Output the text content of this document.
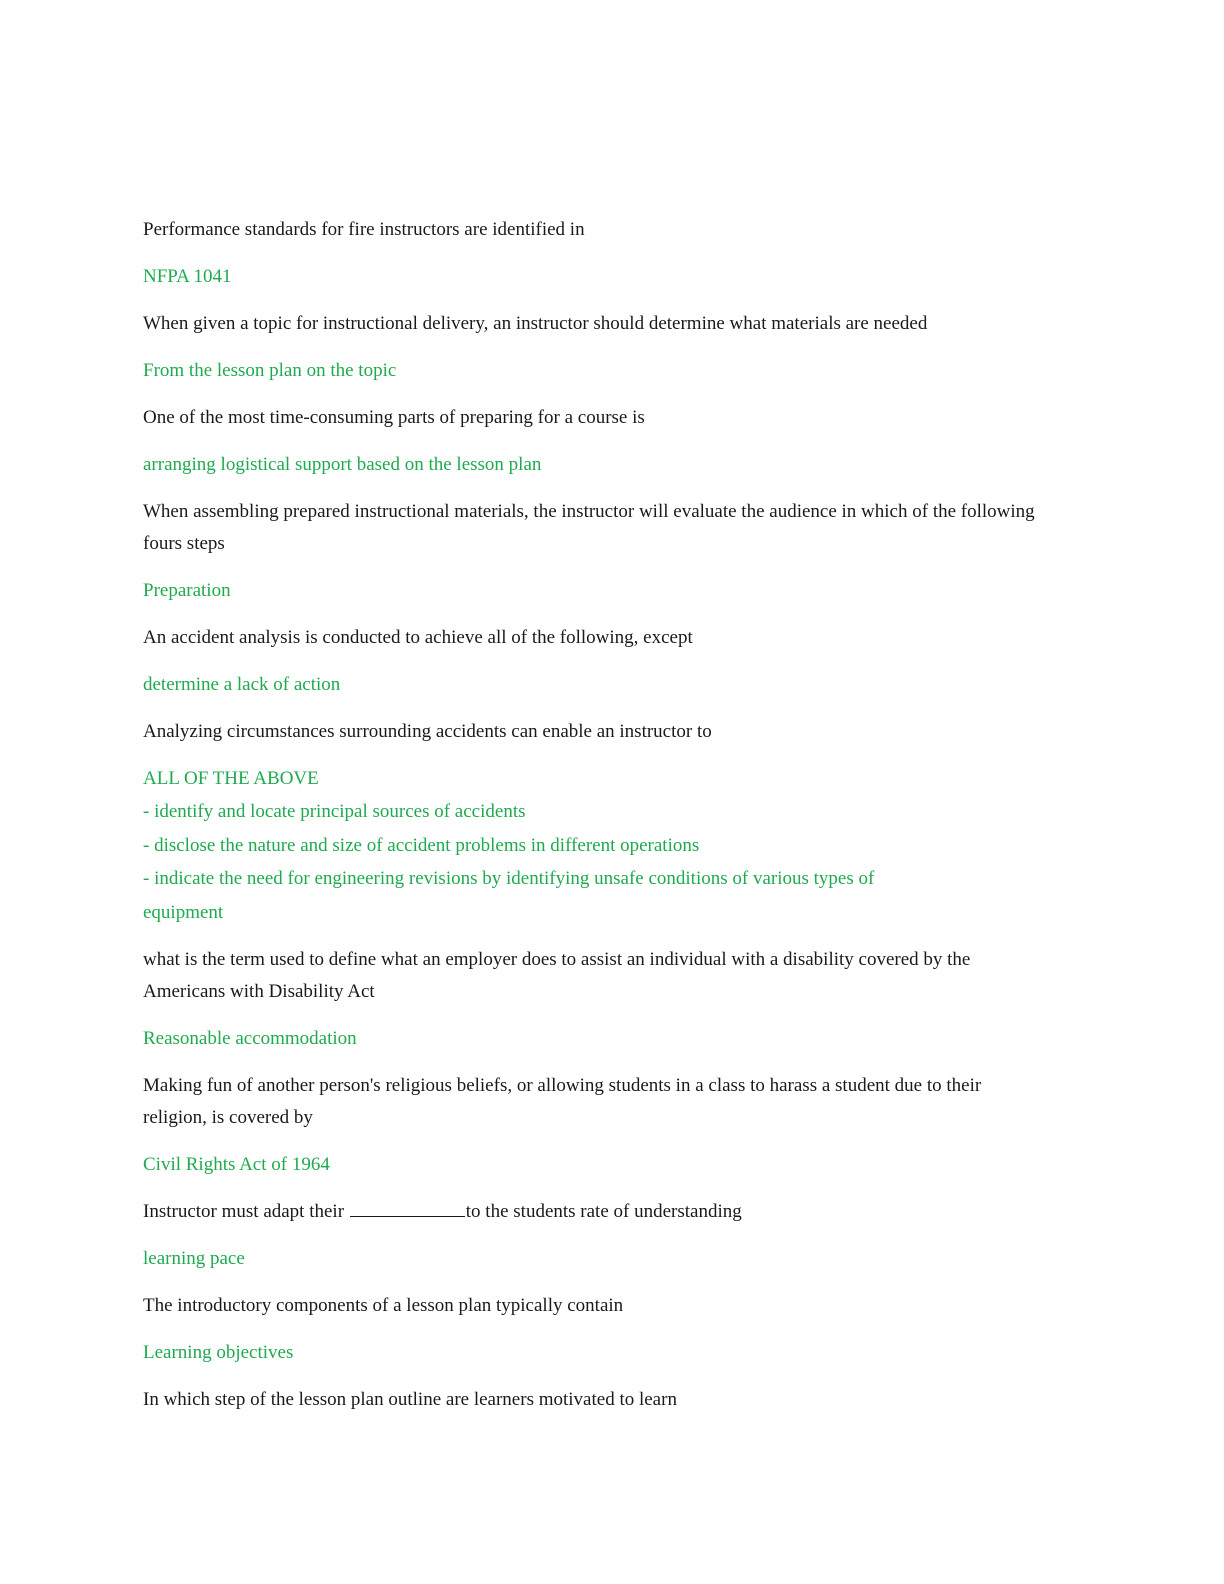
Performance standards for fire instructors are identified in

NFPA 1041

When given a topic for instructional delivery, an instructor should determine what materials are needed

From the lesson plan on the topic

One of the most time-consuming parts of preparing for a course is

arranging logistical support based on the lesson plan

When assembling prepared instructional materials, the instructor will evaluate the audience in which of the following fours steps

Preparation

An accident analysis is conducted to achieve all of the following, except

determine a lack of action

Analyzing circumstances surrounding accidents can enable an instructor to

ALL OF THE ABOVE
- identify and locate principal sources of accidents
- disclose the nature and size of accident problems in different operations
- indicate the need for engineering revisions by identifying unsafe conditions of various types of equipment

what is the term used to define what an employer does to assist an individual with a disability covered by the Americans with Disability Act

Reasonable accommodation

Making fun of another person's religious beliefs, or allowing students in a class to harass a student due to their religion, is covered by

Civil Rights Act of 1964

Instructor must adapt their	to the students rate of understanding

learning pace

The introductory components of a lesson plan typically contain

Learning objectives

In which step of the lesson plan outline are learners motivated to learn
